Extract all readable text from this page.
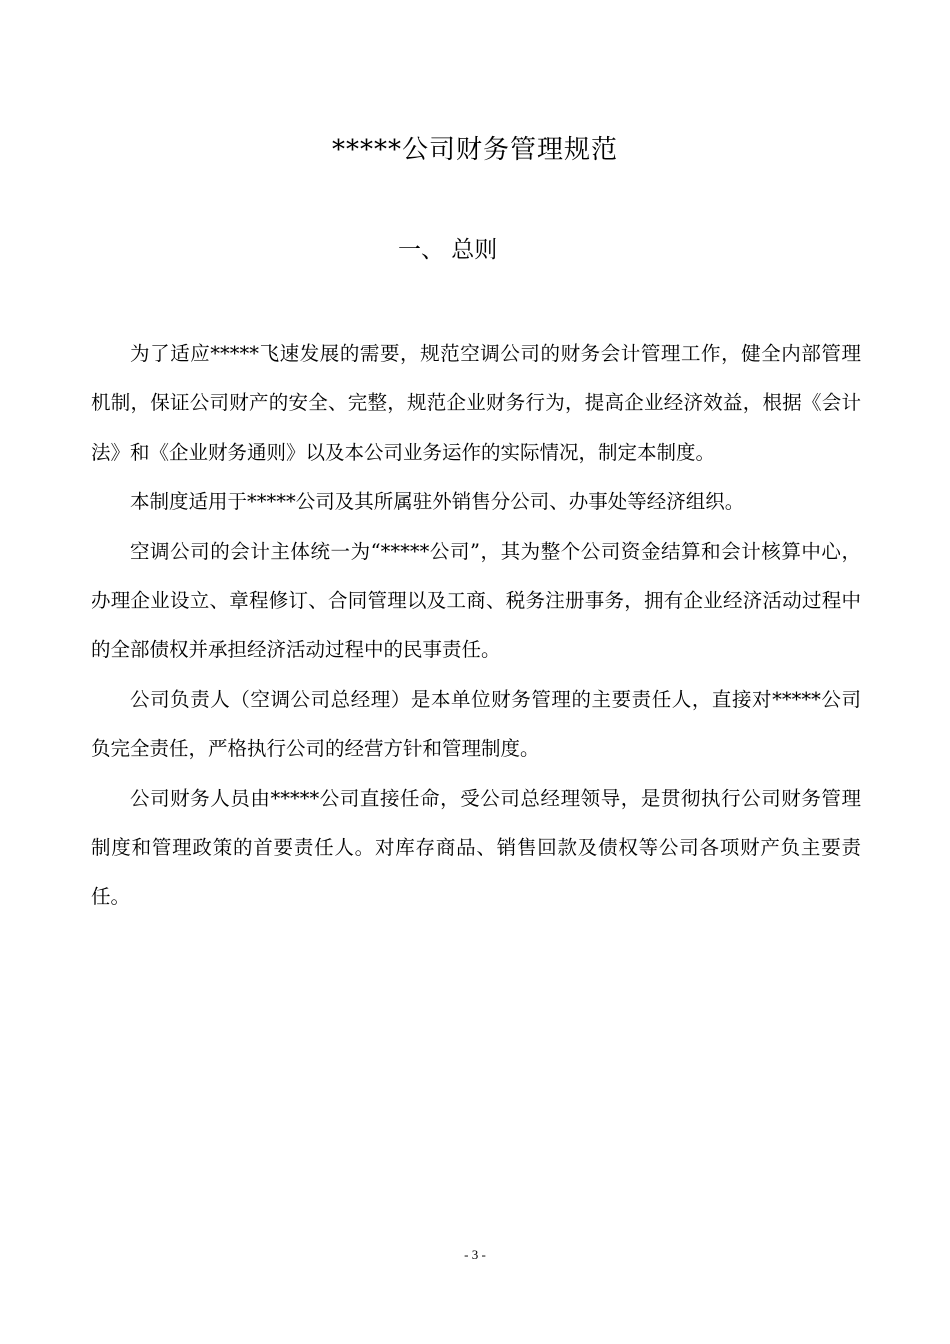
*****公司财务管理规范
一、 总则

为了适应*****飞速发展的需要，规范空调公司的财务会计管理工作，健全内部管理机制，保证公司财产的安全、完整，规范企业财务行为，提高企业经济效益，根据《会计法》和《企业财务通则》以及本公司业务运作的实际情况，制定本制度。

本制度适用于*****公司及其所属驻外销售分公司、办事处等经济组织。

空调公司的会计主体统一为“*****公司”，其为整个公司资金结算和会计核算中心，办理企业设立、章程修订、合同管理以及工商、税务注册事务，拥有企业经济活动过程中的全部债权并承担经济活动过程中的民事责任。

公司负责人（空调公司总经理）是本单位财务管理的主要责任人，直接对*****公司负完全责任，严格执行公司的经营方针和管理制度。

公司财务人员由*****公司直接任命，受公司总经理领导，是贯彻执行公司财务管理制度和管理政策的首要责任人。对库存商品、销售回款及债权等公司各项财产负主要责任。

- 3 -
